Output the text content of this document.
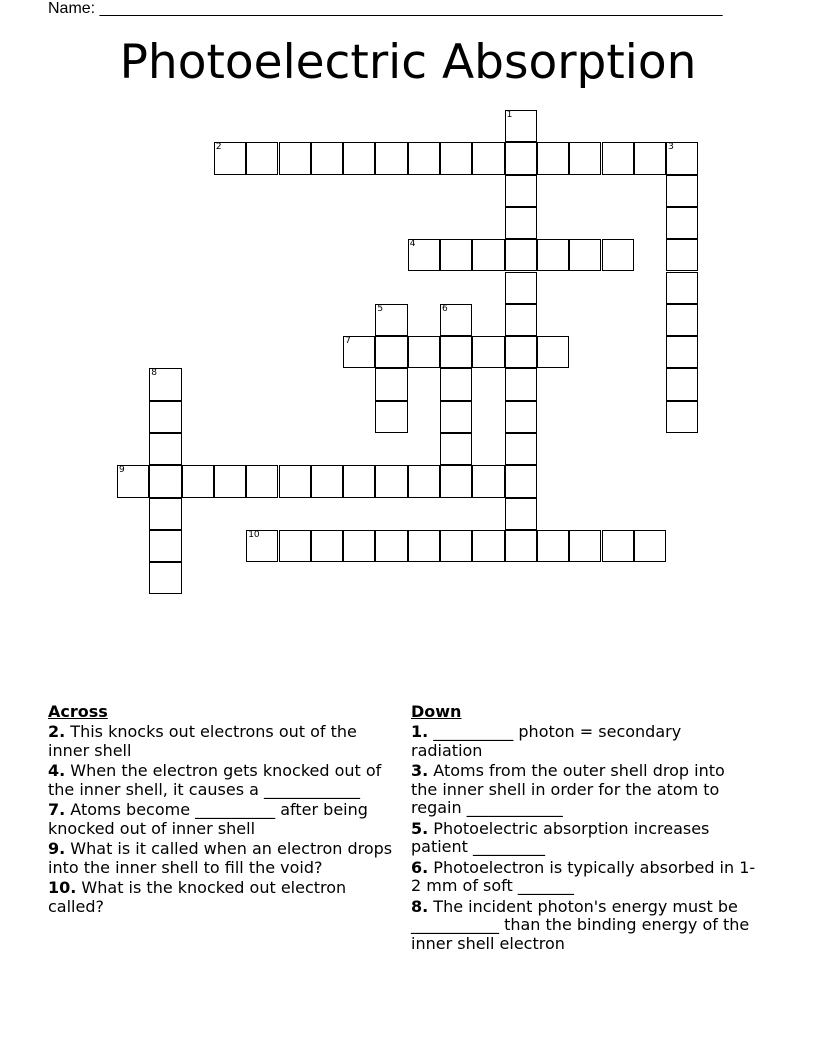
Name: ______________________________________________________________________
Photoelectric Absorption
1
2	3
4
5	6
7
8
9
10
Across
2. This knocks out electrons out of the inner shell
4. When the electron gets knocked out of the inner shell, it causes a ____________
7. Atoms become __________ after being knocked out of inner shell
9. What is it called when an electron drops into the inner shell to fill the void?
10. What is the knocked out electron called?
Down
1. __________ photon = secondary radiation
3. Atoms from the outer shell drop into the inner shell in order for the atom to regain ____________
5. Photoelectric absorption increases patient _________
6. Photoelectron is typically absorbed in 1-2 mm of soft _______
8. The incident photon's energy must be ___________ than the binding energy of the inner shell electron
